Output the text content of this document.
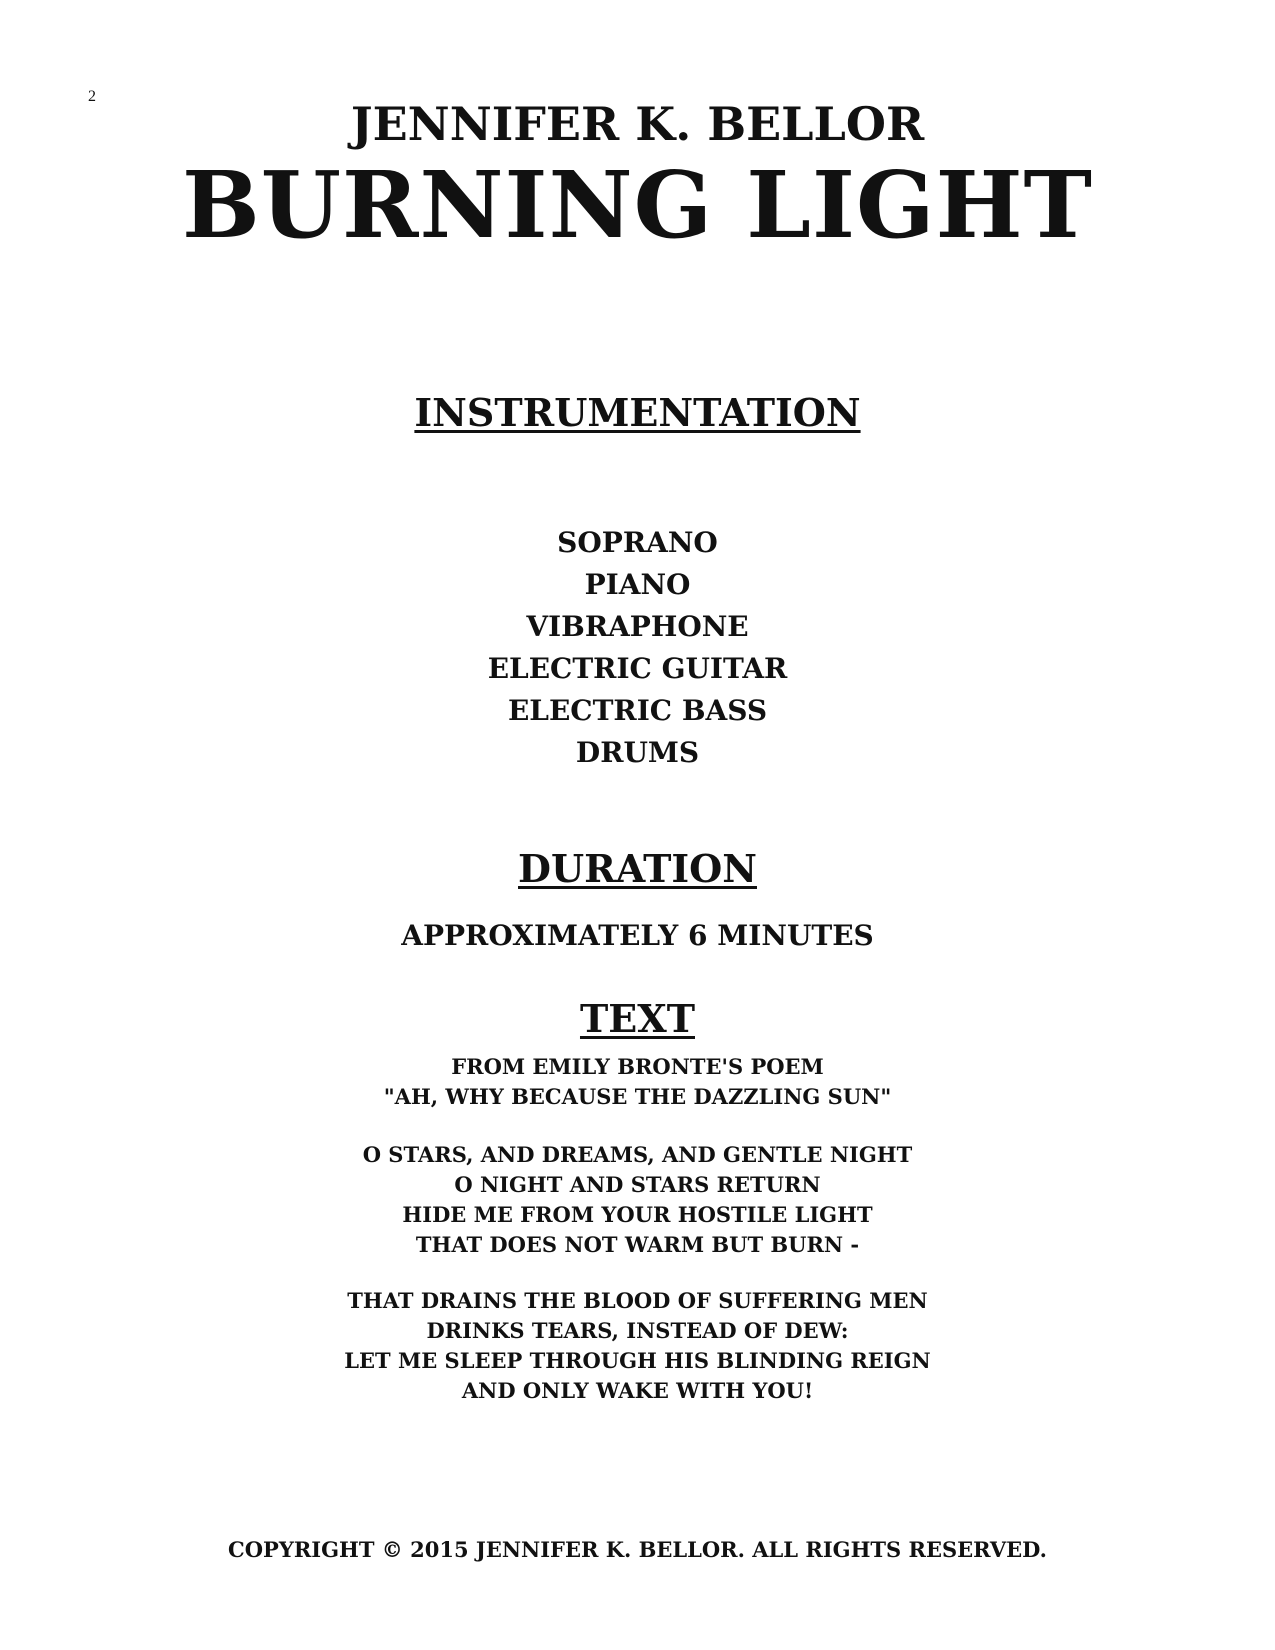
2
JENNIFER K. BELLOR
BURNING LIGHT
INSTRUMENTATION
SOPRANO
PIANO
VIBRAPHONE
ELECTRIC GUITAR
ELECTRIC BASS
DRUMS
DURATION
APPROXIMATELY 6 MINUTES
TEXT
FROM EMILY BRONTE'S POEM
"AH, WHY BECAUSE THE DAZZLING SUN"
O STARS, AND DREAMS, AND GENTLE NIGHT
O NIGHT AND STARS RETURN
HIDE ME FROM YOUR HOSTILE LIGHT
THAT DOES NOT WARM BUT BURN -
THAT DRAINS THE BLOOD OF SUFFERING MEN
DRINKS TEARS, INSTEAD OF DEW:
LET ME SLEEP THROUGH HIS BLINDING REIGN
AND ONLY WAKE WITH YOU!
COPYRIGHT © 2015 JENNIFER K. BELLOR. ALL RIGHTS RESERVED.
